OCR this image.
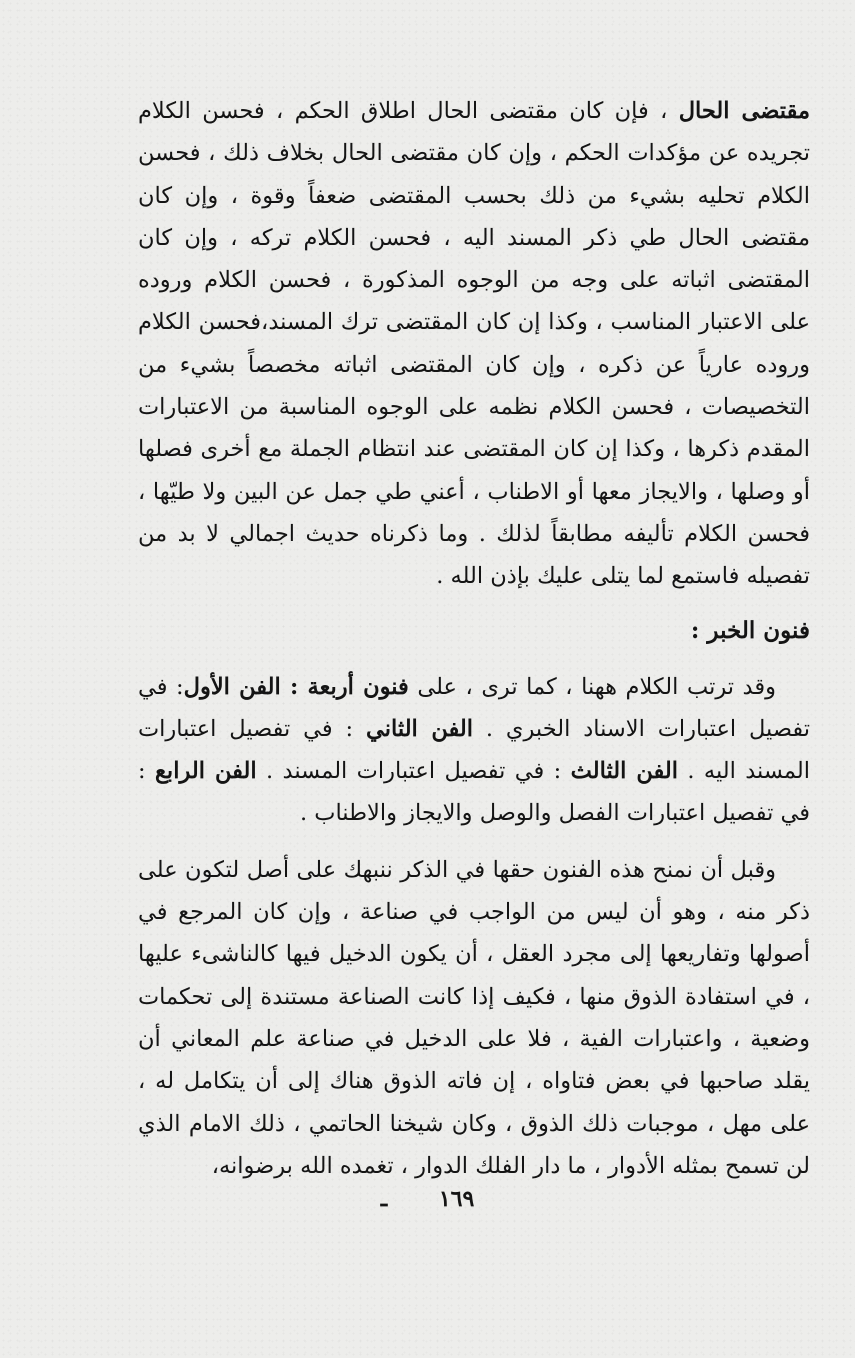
مقتضى الحال ، فإن كان مقتضى الحال اطلاق الحكم ، فحسن الكلام تجريده عن مؤكدات الحكم ، وإن كان مقتضى الحال بخلاف ذلك ، فحسن الكلام تحليه بشيء من ذلك بحسب المقتضى ضعفاً وقوة ، وإن كان مقتضى الحال طي ذكر المسند اليه ، فحسن الكلام تركه ، وإن كان المقتضى اثباته على وجه من الوجوه المذكورة ، فحسن الكلام وروده على الاعتبار المناسب ، وكذا إن كان المقتضى ترك المسند،فحسن الكلام وروده عارياً عن ذكره ، وإن كان المقتضى اثباته مخصصاً بشيء من التخصيصات ، فحسن الكلام نظمه على الوجوه المناسبة من الاعتبارات المقدم ذكرها ، وكذا إن كان المقتضى عند انتظام الجملة مع أخرى فصلها أو وصلها ، والايجاز معها أو الاطناب ، أعني طي جمل عن البين ولا طيّها ، فحسن الكلام تأليفه مطابقاً لذلك . وما ذكرناه حديث اجمالي لا بد من تفصيله فاستمع لما يتلى عليك بإذن الله .

فنون الخبر :

وقد ترتب الكلام ههنا ، كما ترى ، على فنون أربعة : الفن الأول: في تفصيل اعتبارات الاسناد الخبري . الفن الثاني : في تفصيل اعتبارات المسند اليه . الفن الثالث : في تفصيل اعتبارات المسند . الفن الرابع : في تفصيل اعتبارات الفصل والوصل والايجاز والاطناب .

وقبل أن نمنح هذه الفنون حقها في الذكر ننبهك على أصل لتكون على ذكر منه ، وهو أن ليس من الواجب في صناعة ، وإن كان المرجع في أصولها وتفاريعها إلى مجرد العقل ، أن يكون الدخيل فيها كالناشىء عليها ، في استفادة الذوق منها ، فكيف إذا كانت الصناعة مستندة إلى تحكمات وضعية ، واعتبارات الفية ، فلا على الدخيل في صناعة علم المعاني أن يقلد صاحبها في بعض فتاواه ، إن فاته الذوق هناك إلى أن يتكامل له ، على مهل ، موجبات ذلك الذوق ، وكان شيخنا الحاتمي ، ذلك الامام الذي لن تسمح بمثله الأدوار ، ما دار الفلك الدوار ، تغمده الله برضوانه،

١٦٩ ـ
